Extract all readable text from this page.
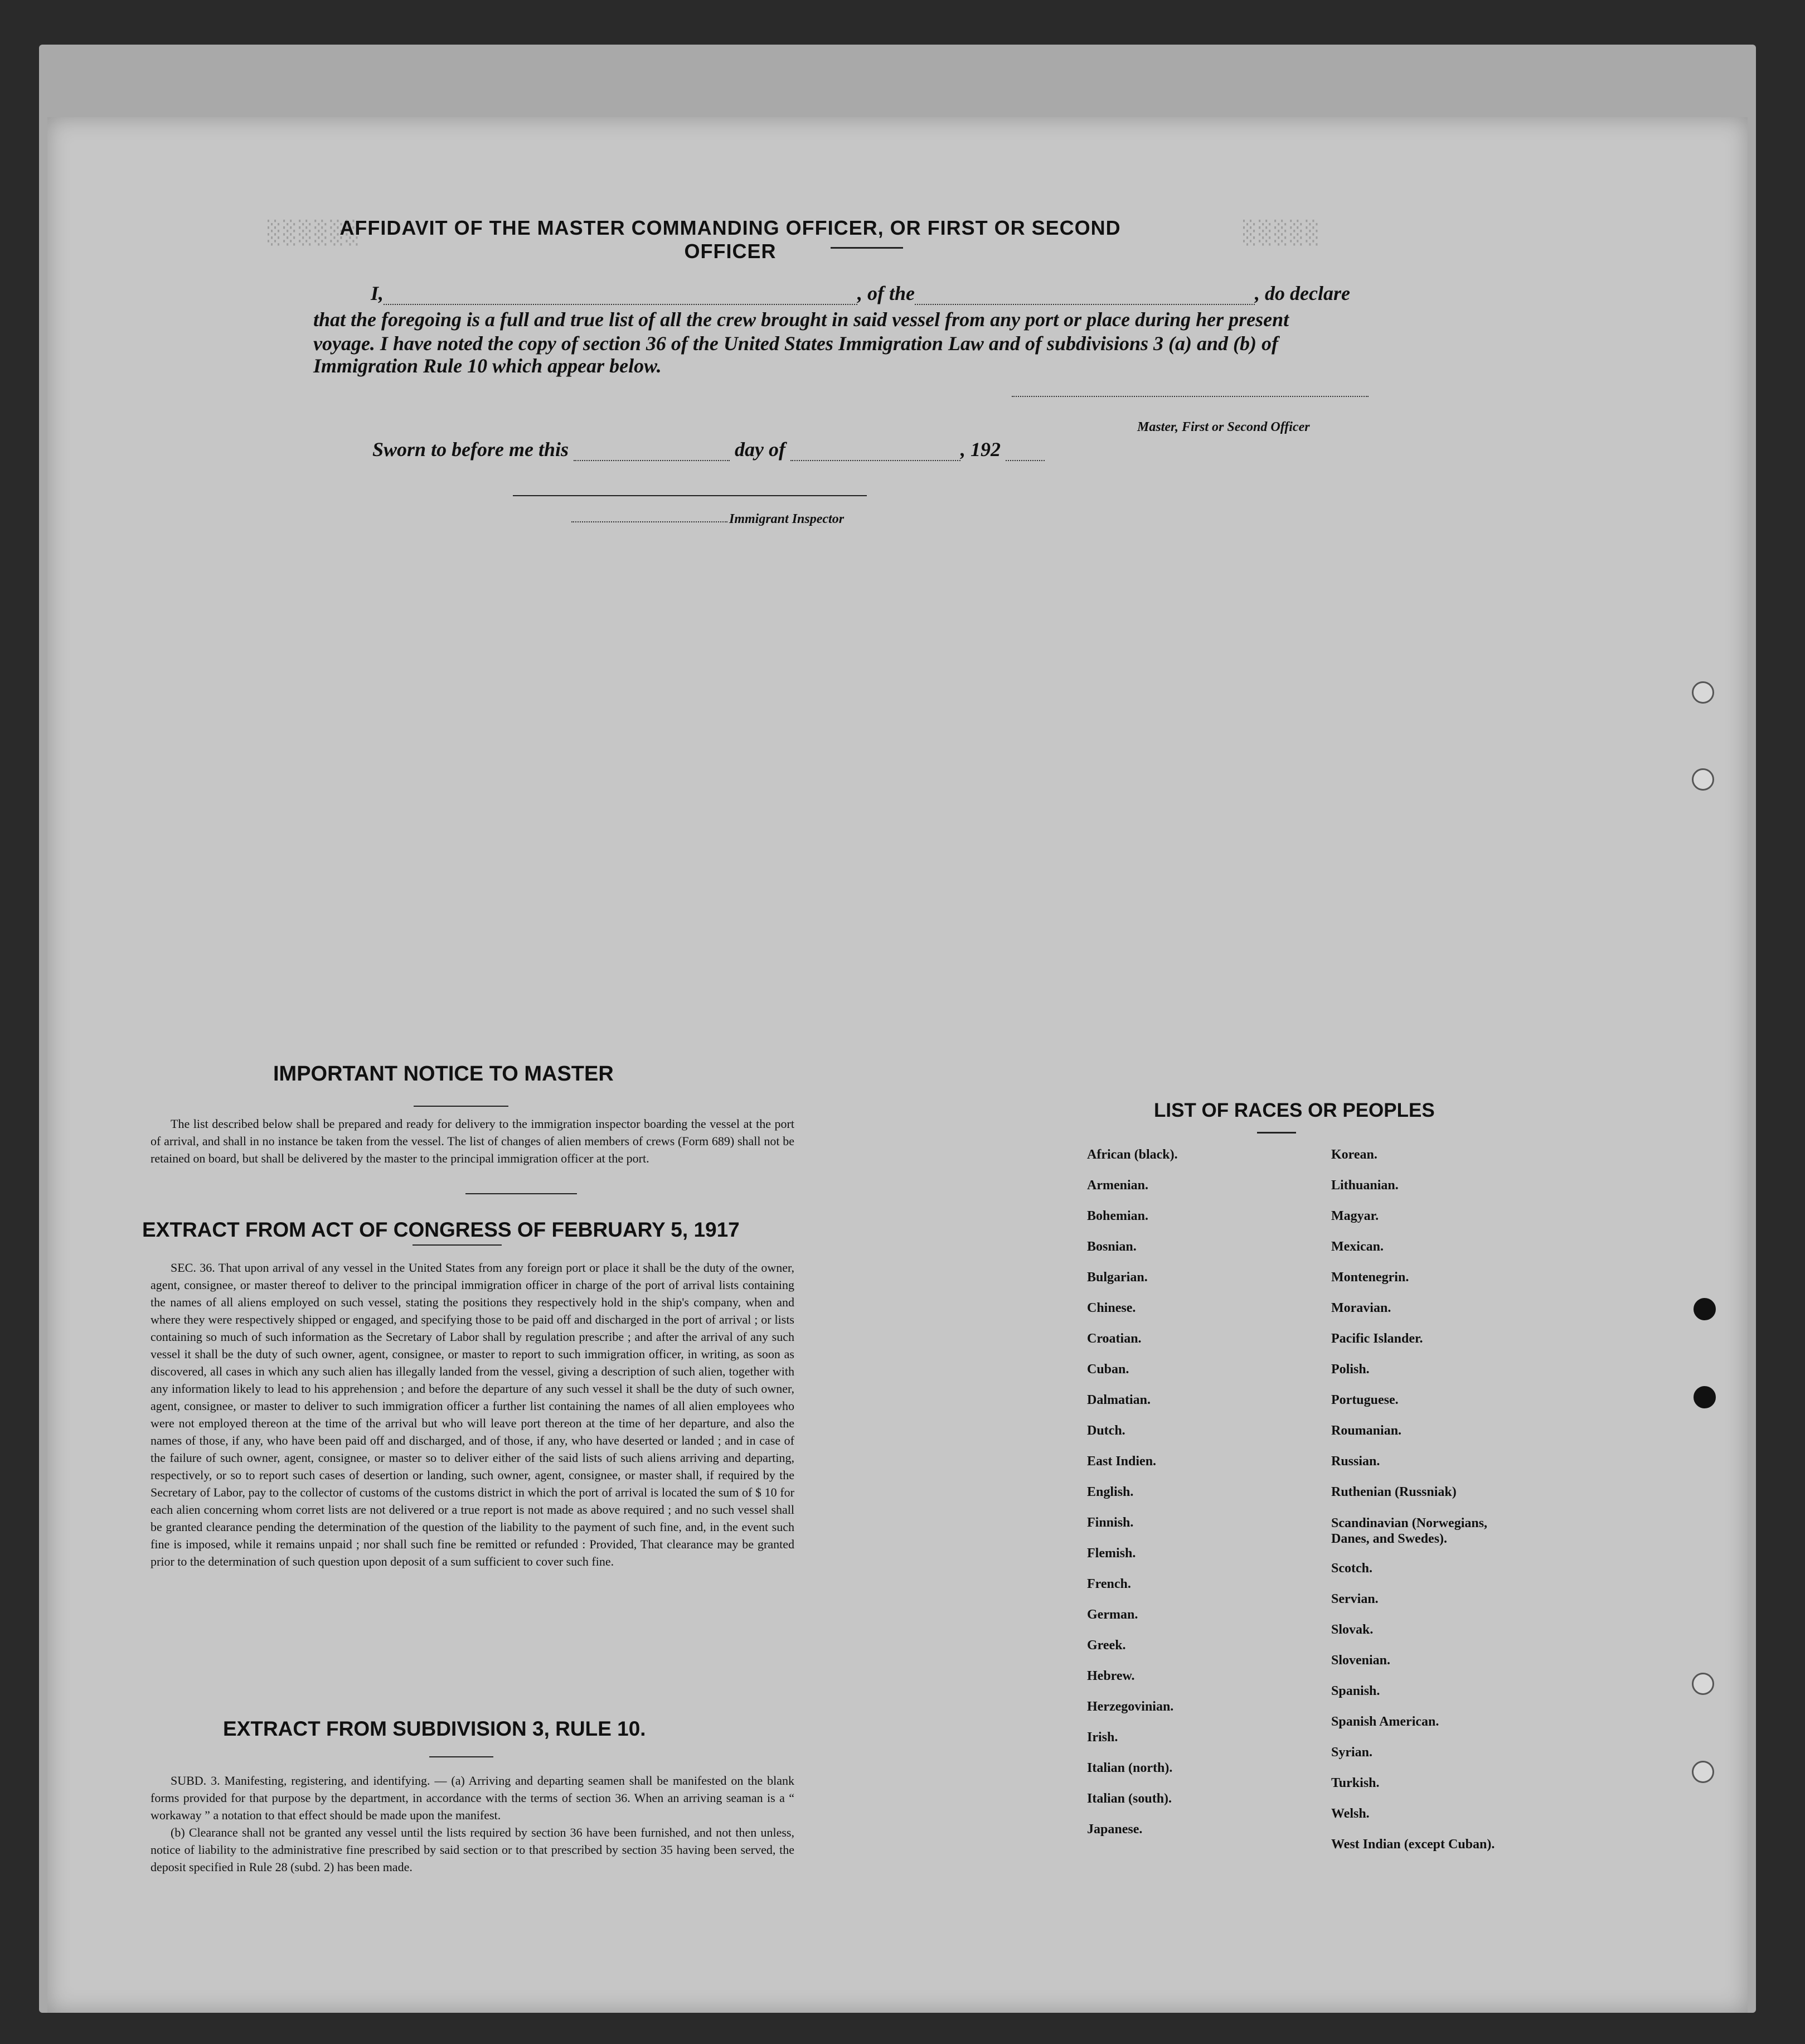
░░░░░░	░░░░░
AFFIDAVIT OF THE MASTER COMMANDING OFFICER, OR FIRST OR SECOND OFFICER
I,	, of the	, do declare
that the foregoing is a full and true list of all the crew brought in said vessel from any port or place during her present
voyage. I have noted the copy of section 36 of the United States Immigration Law and of subdivisions 3 (a) and (b) of
Immigration Rule 10 which appear below.
Master, First or Second Officer
Sworn to before me this	day of	, 192
Immigrant Inspector
IMPORTANT NOTICE TO MASTER

The list described below shall be prepared and ready for delivery to the immigration inspector boarding the vessel at the port of arrival, and shall in no instance be taken from the vessel. The list of changes of alien members of crews (Form 689) shall not be retained on board, but shall be delivered by the master to the principal immigration officer at the port.

EXTRACT FROM ACT OF CONGRESS OF FEBRUARY 5, 1917

SEC. 36. That upon arrival of any vessel in the United States from any foreign port or place it shall be the duty of the owner, agent, consignee, or master thereof to deliver to the principal immigration officer in charge of the port of arrival lists containing the names of all aliens employed on such vessel, stating the positions they respectively hold in the ship's company, when and where they were respectively shipped or engaged, and specifying those to be paid off and discharged in the port of arrival ; or lists containing so much of such information as the Secretary of Labor shall by regulation prescribe ; and after the arrival of any such vessel it shall be the duty of such owner, agent, consignee, or master to report to such immigration officer, in writing, as soon as discovered, all cases in which any such alien has illegally landed from the vessel, giving a description of such alien, together with any information likely to lead to his apprehension ; and before the departure of any such vessel it shall be the duty of such owner, agent, consignee, or master to deliver to such immigration officer a further list containing the names of all alien employees who were not employed thereon at the time of the arrival but who will leave port thereon at the time of her departure, and also the names of those, if any, who have been paid off and discharged, and of those, if any, who have deserted or landed ; and in case of the failure of such owner, agent, consignee, or master so to deliver either of the said lists of such aliens arriving and departing, respectively, or so to report such cases of desertion or landing, such owner, agent, consignee, or master shall, if required by the Secretary of Labor, pay to the collector of customs of the customs district in which the port of arrival is located the sum of $ 10 for each alien concerning whom corret lists are not delivered or a true report is not made as above required ; and no such vessel shall be granted clearance pending the determination of the question of the liability to the payment of such fine, and, in the event such fine is imposed, while it remains unpaid ; nor shall such fine be remitted or refunded : Provided, That clearance may be granted prior to the determination of such question upon deposit of a sum sufficient to cover such fine.

EXTRACT FROM SUBDIVISION 3, RULE 10.

SUBD. 3. Manifesting, registering, and identifying. — (a) Arriving and departing seamen shall be manifested on the blank forms provided for that purpose by the department, in accordance with the terms of section 36. When an arriving seaman is a “ workaway ” a notation to that effect should be made upon the manifest.

(b) Clearance shall not be granted any vessel until the lists required by section 36 have been furnished, and not then unless, notice of liability to the administrative fine prescribed by said section or to that prescribed by section 35 having been served, the deposit specified in Rule 28 (subd. 2) has been made.

LIST OF RACES OR PEOPLES
African (black).
Armenian.
Bohemian.
Bosnian.
Bulgarian.
Chinese.
Croatian.
Cuban.
Dalmatian.
Dutch.
East Indien.
English.
Finnish.
Flemish.
French.
German.
Greek.
Hebrew.
Herzegovinian.
Irish.
Italian (north).
Italian (south).
Japanese.
Korean.
Lithuanian.
Magyar.
Mexican.
Montenegrin.
Moravian.
Pacific Islander.
Polish.
Portuguese.
Roumanian.
Russian.
Ruthenian (Russniak)
Scandinavian (Norwegians, Danes, and Swedes).
Scotch.
Servian.
Slovak.
Slovenian.
Spanish.
Spanish American.
Syrian.
Turkish.
Welsh.
West Indian (except Cuban).
